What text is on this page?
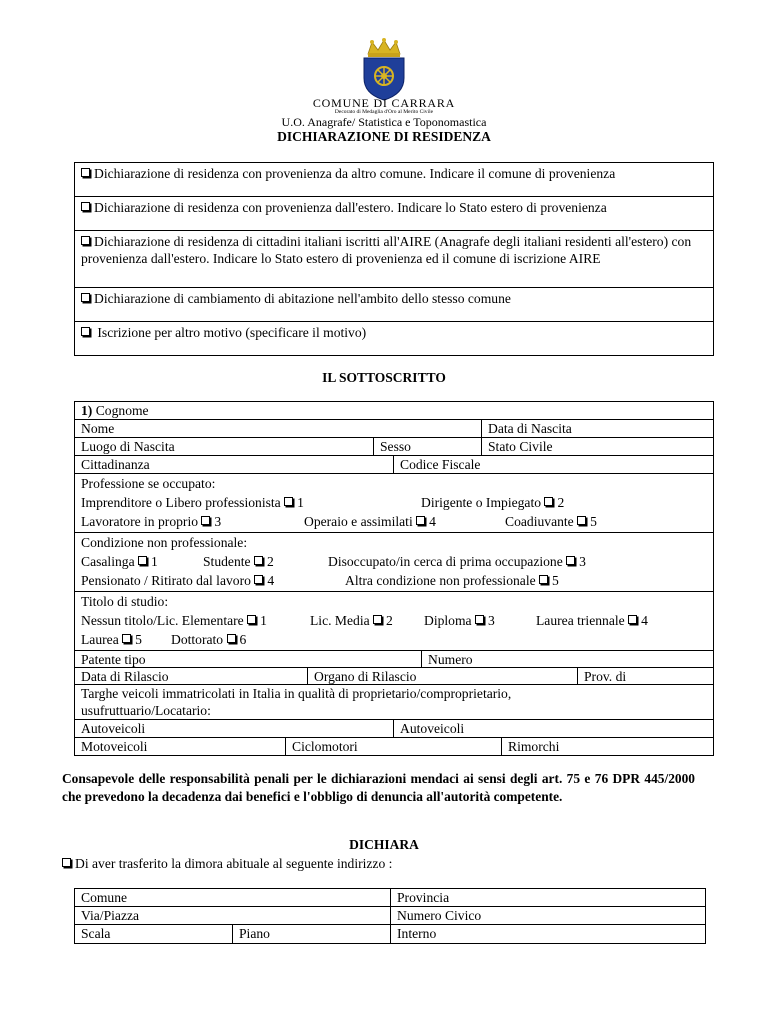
COMUNE DI CARRARA
Decorato di Medaglia d'Oro al Merito Civile
U.O. Anagrafe/ Statistica e Toponomastica
DICHIARAZIONE DI RESIDENZA
Dichiarazione di residenza con provenienza da altro comune. Indicare il comune di provenienza
Dichiarazione di residenza con provenienza dall'estero. Indicare lo Stato estero di provenienza
Dichiarazione di residenza di cittadini italiani iscritti all'AIRE (Anagrafe degli italiani residenti all'estero) con provenienza dall'estero. Indicare lo Stato estero di provenienza ed il comune di iscrizione AIRE
Dichiarazione di cambiamento di abitazione nell'ambito dello stesso comune
Iscrizione per altro motivo (specificare il motivo)
IL SOTTOSCRITTO
1) Cognome
Nome	Data di Nascita
Luogo di Nascita	Sesso	Stato Civile
Cittadinanza	Codice Fiscale
Professione se occupato:
Imprenditore o Libero professionista 1	Dirigente o Impiegato 2
Lavoratore in proprio 3	Operaio e assimilati 4	Coadiuvante 5
Condizione non professionale:
Casalinga 1	Studente 2	Disoccupato/in cerca di prima occupazione 3
Pensionato / Ritirato dal lavoro 4	Altra condizione non professionale 5
Titolo di studio:
Nessun titolo/Lic. Elementare 1	Lic. Media 2 Diploma 3	Laurea triennale 4
Laurea 5 Dottorato 6
Patente tipo	Numero
Data di Rilascio	Organo di Rilascio	Prov. di
Targhe veicoli immatricolati in Italia in qualità di proprietario/comproprietario,
usufruttuario/Locatario:
Autoveicoli	Autoveicoli
Motoveicoli	Ciclomotori	Rimorchi
Consapevole delle responsabilità penali per le dichiarazioni mendaci ai sensi degli art. 75 e 76 DPR 445/2000 che prevedono la decadenza dai benefici e l'obbligo di denuncia all'autorità competente.
DICHIARA
Di aver trasferito la dimora abituale al seguente indirizzo :
Comune	Provincia
Via/Piazza	Numero Civico
Scala	Piano	Interno
